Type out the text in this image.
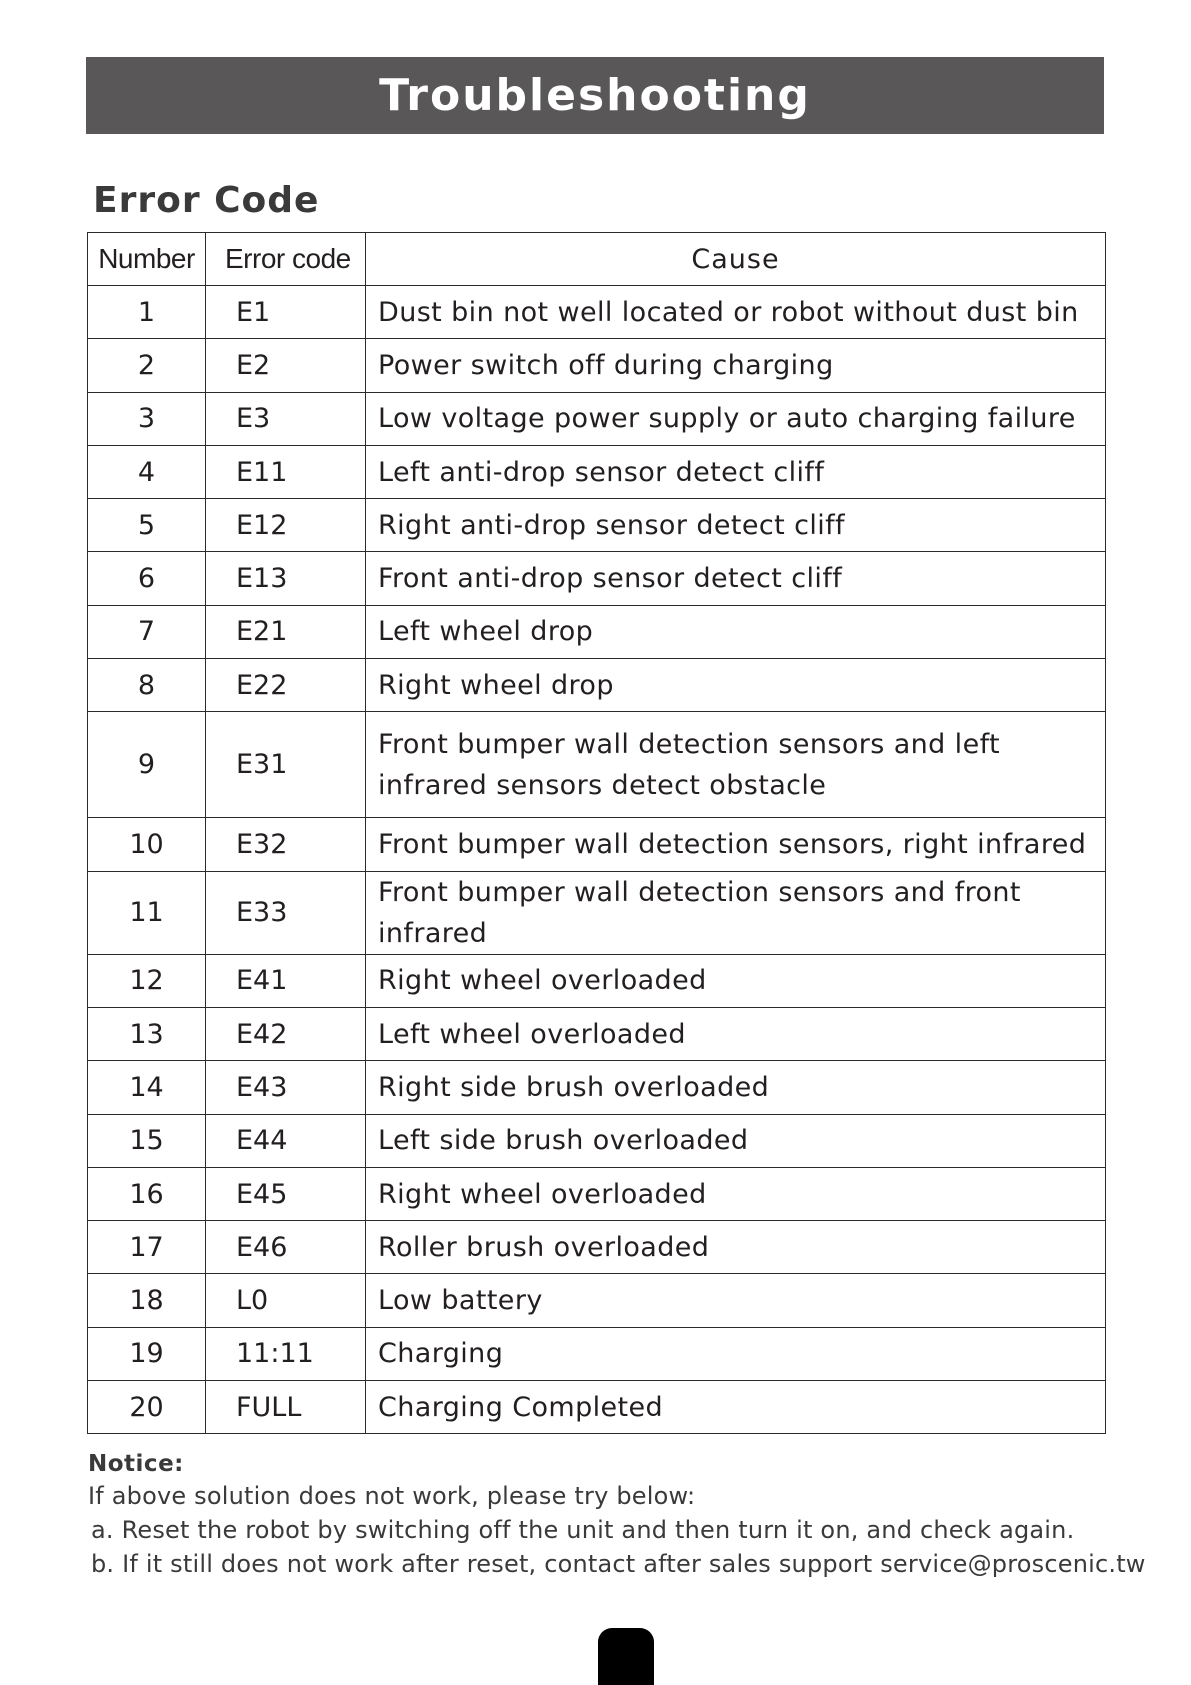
Troubleshooting
Error Code
Number	Error code	Cause
1	E1	Dust bin not well located or robot without dust bin
2	E2	Power switch off during charging
3	E3	Low voltage power supply or auto charging failure
4	E11	Left anti-drop sensor detect cliff
5	E12	Right anti-drop sensor detect cliff
6	E13	Front anti-drop sensor detect cliff
7	E21	Left wheel drop
8	E22	Right wheel drop
9	E31	Front bumper wall detection sensors and left infrared sensors detect obstacle
10	E32	Front bumper wall detection sensors, right infrared
11	E33	Front bumper wall detection sensors and front infrared
12	E41	Right wheel overloaded
13	E42	Left wheel overloaded
14	E43	Right side brush overloaded
15	E44	Left side brush overloaded
16	E45	Right wheel overloaded
17	E46	Roller brush overloaded
18	L0	Low battery
19	11:11	Charging
20	FULL	Charging Completed
Notice:
If above solution does not work, please try below:
a. Reset the robot by switching off the unit and then turn it on, and check again.
b. If it still does not work after reset, contact after sales support service@proscenic.tw
